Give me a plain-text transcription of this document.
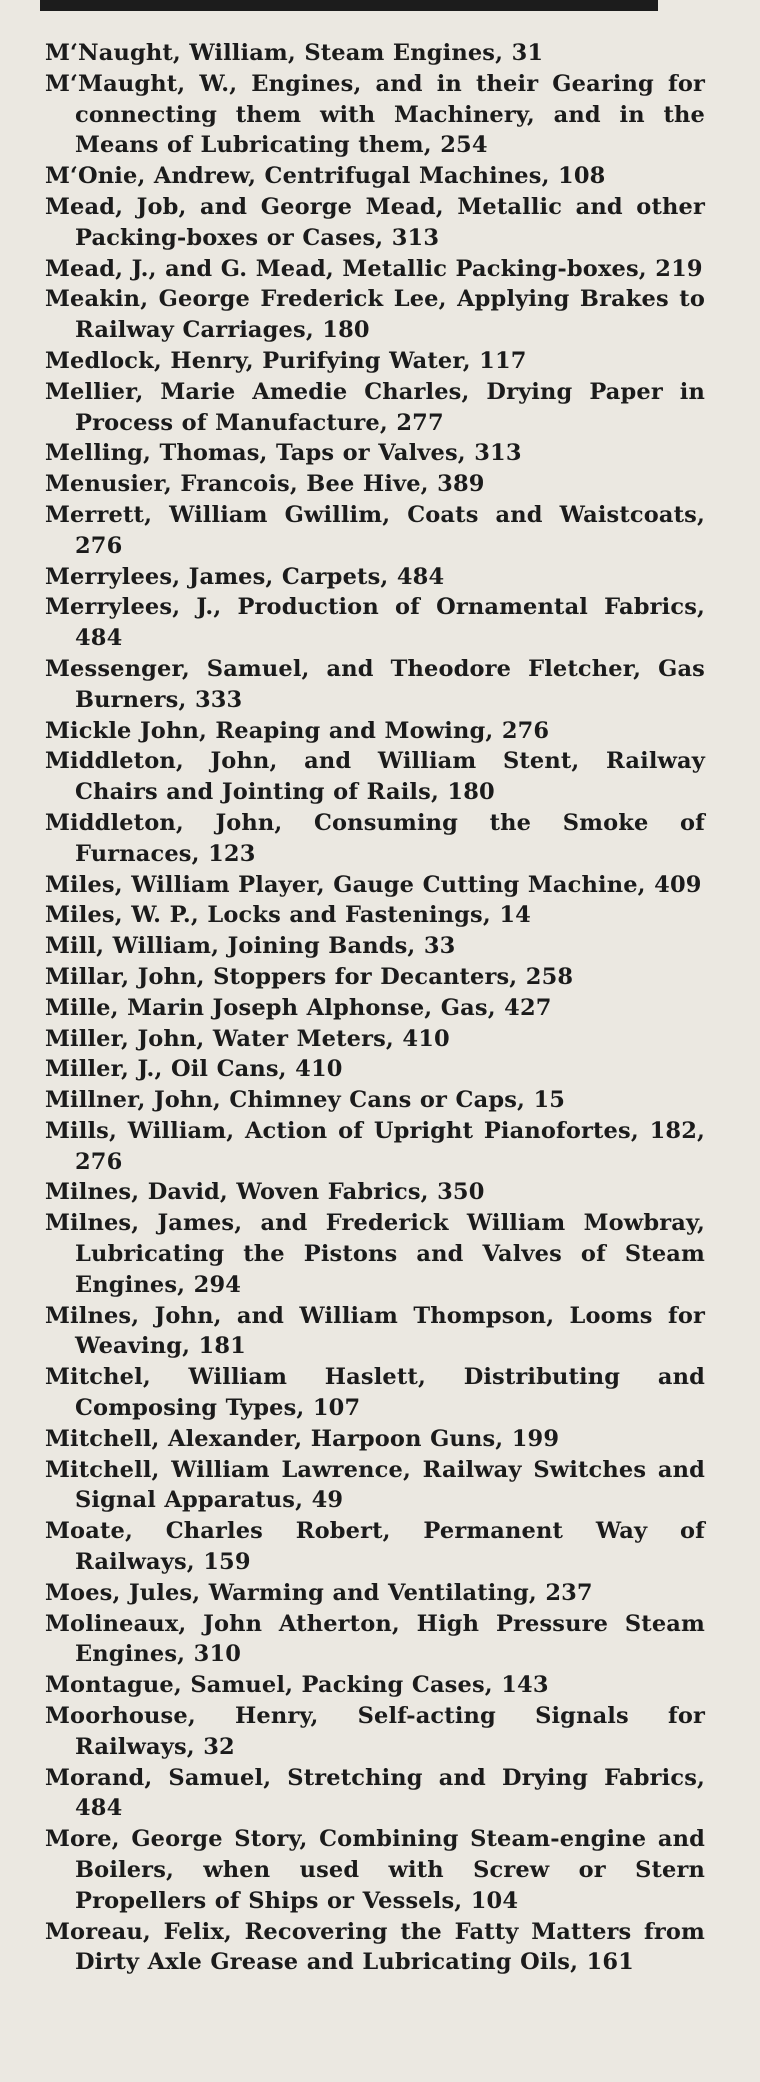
M‘Naught, William, Steam Engines, 31
M‘Maught, W., Engines, and in their Gearing for connecting them with Machinery, and in the Means of Lubricating them, 254
M‘Onie, Andrew, Centrifugal Machines, 108
Mead, Job, and George Mead, Metallic and other Packing-boxes or Cases, 313
Mead, J., and G. Mead, Metallic Packing-boxes, 219
Meakin, George Frederick Lee, Applying Brakes to Railway Carriages, 180
Medlock, Henry, Purifying Water, 117
Mellier, Marie Amedie Charles, Drying Paper in Process of Manufacture, 277
Melling, Thomas, Taps or Valves, 313
Menusier, Francois, Bee Hive, 389
Merrett, William Gwillim, Coats and Waistcoats, 276
Merrylees, James, Carpets, 484
Merrylees, J., Production of Ornamental Fabrics, 484
Messenger, Samuel, and Theodore Fletcher, Gas Burners, 333
Mickle John, Reaping and Mowing, 276
Middleton, John, and William Stent, Railway Chairs and Jointing of Rails, 180
Middleton, John, Consuming the Smoke of Furnaces, 123
Miles, William Player, Gauge Cutting Machine, 409
Miles, W. P., Locks and Fastenings, 14
Mill, William, Joining Bands, 33
Millar, John, Stoppers for Decanters, 258
Mille, Marin Joseph Alphonse, Gas, 427
Miller, John, Water Meters, 410
Miller, J., Oil Cans, 410
Millner, John, Chimney Cans or Caps, 15
Mills, William, Action of Upright Pianofortes, 182, 276
Milnes, David, Woven Fabrics, 350
Milnes, James, and Frederick William Mowbray, Lubricating the Pistons and Valves of Steam Engines, 294
Milnes, John, and William Thompson, Looms for Weaving, 181
Mitchel, William Haslett, Distributing and Composing Types, 107
Mitchell, Alexander, Harpoon Guns, 199
Mitchell, William Lawrence, Railway Switches and Signal Apparatus, 49
Moate, Charles Robert, Permanent Way of Railways, 159
Moes, Jules, Warming and Ventilating, 237
Molineaux, John Atherton, High Pressure Steam Engines, 310
Montague, Samuel, Packing Cases, 143
Moorhouse, Henry, Self-acting Signals for Railways, 32
Morand, Samuel, Stretching and Drying Fabrics, 484
More, George Story, Combining Steam-engine and Boilers, when used with Screw or Stern Propellers of Ships or Vessels, 104
Moreau, Felix, Recovering the Fatty Matters from Dirty Axle Grease and Lubricating Oils, 161
